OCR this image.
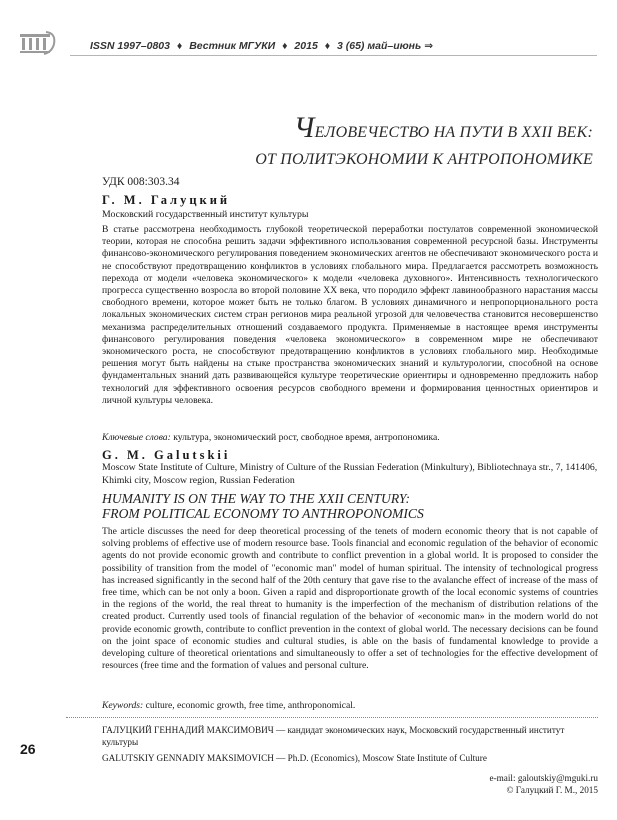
ISSN 1997–0803 ♦ Вестник МГУКИ ♦ 2015 ♦ 3 (65) май–июнь ⇒
ЧЕЛОВЕЧЕСТВО НА ПУТИ В XXII ВЕК:
ОТ ПОЛИТЭКОНОМИИ К АНТРОПОНОМИКЕ
УДК 008:303.34
Г. М. Галуцкий
Московский государственный институт культуры
В статье рассмотрена необходимость глубокой теоретической переработки постулатов современной экономической теории, которая не способна решить задачи эффективного использования современной ресурсной базы. Инструменты финансово-экономического регулирования поведением экономических агентов не обеспечивают экономического роста и не способствуют предотвращению конфликтов в условиях глобального мира. Предлагается рассмотреть возможность перехода от модели «человека экономического» к модели «человека духовного». Интенсивность технологического прогресса существенно возросла во второй половине XX века, что породило эффект лавинообразного нарастания массы свободного времени, которое может быть не только благом. В условиях динамичного и непропорционального роста локальных экономических систем стран регионов мира реальной угрозой для человечества становится несовершенство механизма распределительных отношений создаваемого продукта. Применяемые в настоящее время инструменты финансового регулирования поведения «человека экономического» в современном мире не обеспечивают экономического роста, не способствуют предотвращению конфликтов в условиях глобального мир. Необходимые решения могут быть найдены на стыке пространства экономических знаний и культурологии, способной на основе фундаментальных знаний дать развивающейся культуре теоретические ориентиры и одновременно предложить набор технологий для эффективного освоения ресурсов свободного времени и формирования ценностных ориентиров и личной культуры человека.
Ключевые слова: культура, экономический рост, свободное время, антропономика.
G. M. Galutskii
Moscow State Institute of Culture, Ministry of Culture of the Russian Federation (Minkultury), Bibliotechnaya str., 7, 141406, Khimki city, Moscow region, Russian Federation
HUMANITY IS ON THE WAY TO THE XXII CENTURY:
FROM POLITICAL ECONOMY TO ANTHROPONOMICS
The article discusses the need for deep theoretical processing of the tenets of modern economic theory that is not capable of solving problems of effective use of modern resource base. Tools financial and economic regulation of the behavior of economic agents do not provide economic growth and contribute to conflict prevention in a global world. It is proposed to consider the possibility of transition from the model of "economic man" model of human spiritual. The intensity of technological progress has increased significantly in the second half of the 20th century that gave rise to the avalanche effect of increase of the mass of free time, which can be not only a boon. Given a rapid and disproportionate growth of the local economic systems of countries in the regions of the world, the real threat to humanity is the imperfection of the mechanism of distribution relations of the created product. Currently used tools of financial regulation of the behavior of «economic man» in the modern world do not provide economic growth, contribute to conflict prevention in the context of global world. The necessary decisions can be found on the joint space of economic studies and cultural studies, is able on the basis of fundamental knowledge to provide a developing culture of theoretical orientations and simultaneously to offer a set of technologies for the effective development of resources (free time and the formation of values and personal culture.
Keywords: culture, economic growth, free time, anthroponomical.
26

ГАЛУЦКИЙ ГЕННАДИЙ МАКСИМОВИЧ — кандидат экономических наук, Московский государственный институт культуры

GALUTSKIY GENNADIY MAKSIMOVICH — Ph.D. (Economics), Moscow State Institute of Culture

e-mail: galoutskiy@mguki.ru
© Галуцкий Г. М., 2015
